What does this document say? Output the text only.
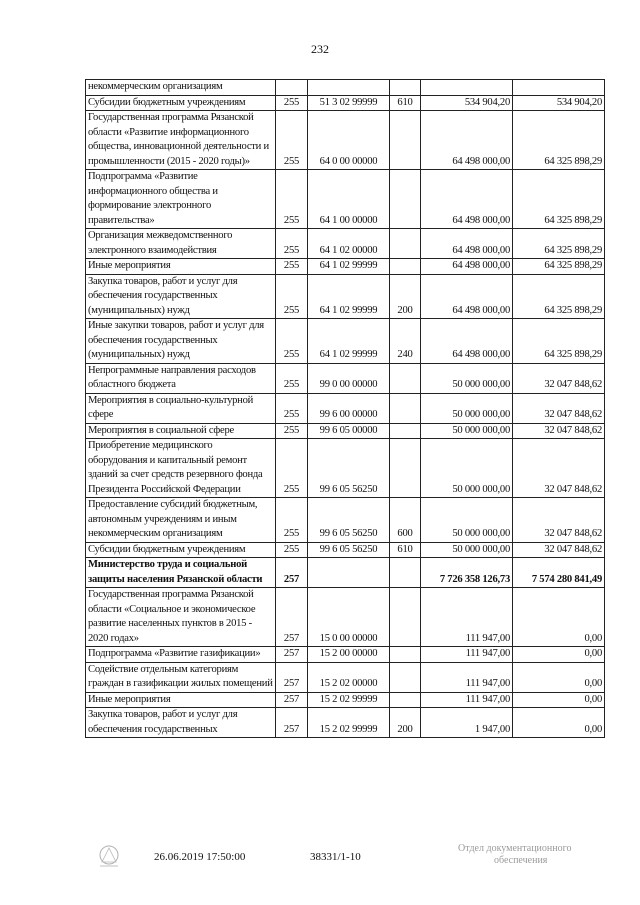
232
некоммерческим организациям					
Субсидии бюджетным учреждениям	255	51 3 02 99999	610	534 904,20	534 904,20
Государственная программа Рязанской области «Развитие информационного общества, инновационной деятельности и промышленности (2015 - 2020 годы)»	255	64 0 00 00000		64 498 000,00	64 325 898,29
Подпрограмма «Развитие информационного общества и формирование электронного правительства»	255	64 1 00 00000		64 498 000,00	64 325 898,29
Организация межведомственного электронного взаимодействия	255	64 1 02 00000		64 498 000,00	64 325 898,29
Иные мероприятия	255	64 1 02 99999		64 498 000,00	64 325 898,29
Закупка товаров, работ и услуг для обеспечения государственных (муниципальных) нужд	255	64 1 02 99999	200	64 498 000,00	64 325 898,29
Иные закупки товаров, работ и услуг для обеспечения государственных (муниципальных) нужд	255	64 1 02 99999	240	64 498 000,00	64 325 898,29
Непрограммные направления расходов областного бюджета	255	99 0 00 00000		50 000 000,00	32 047 848,62
Мероприятия в социально-культурной сфере	255	99 6 00 00000		50 000 000,00	32 047 848,62
Мероприятия в социальной сфере	255	99 6 05 00000		50 000 000,00	32 047 848,62
Приобретение медицинского оборудования и капитальный ремонт зданий за счет средств резервного фонда Президента Российской Федерации	255	99 6 05 56250		50 000 000,00	32 047 848,62
Предоставление субсидий бюджетным, автономным учреждениям и иным некоммерческим организациям	255	99 6 05 56250	600	50 000 000,00	32 047 848,62
Субсидии бюджетным учреждениям	255	99 6 05 56250	610	50 000 000,00	32 047 848,62
Министерство труда и социальной защиты населения Рязанской области	257			7 726 358 126,73	7 574 280 841,49
Государственная программа Рязанской области «Социальное и экономическое развитие населенных пунктов в 2015 - 2020 годах»	257	15 0 00 00000		111 947,00	0,00
Подпрограмма «Развитие газификации»	257	15 2 00 00000		111 947,00	0,00
Содействие отдельным категориям граждан в газификации жилых помещений	257	15 2 02 00000		111 947,00	0,00
Иные мероприятия	257	15 2 02 99999		111 947,00	0,00
Закупка товаров, работ и услуг для обеспечения государственных	257	15 2 02 99999	200	1 947,00	0,00
26.06.2019 17:50:00	38331/1-10
Отдел документационного
обеспечения
